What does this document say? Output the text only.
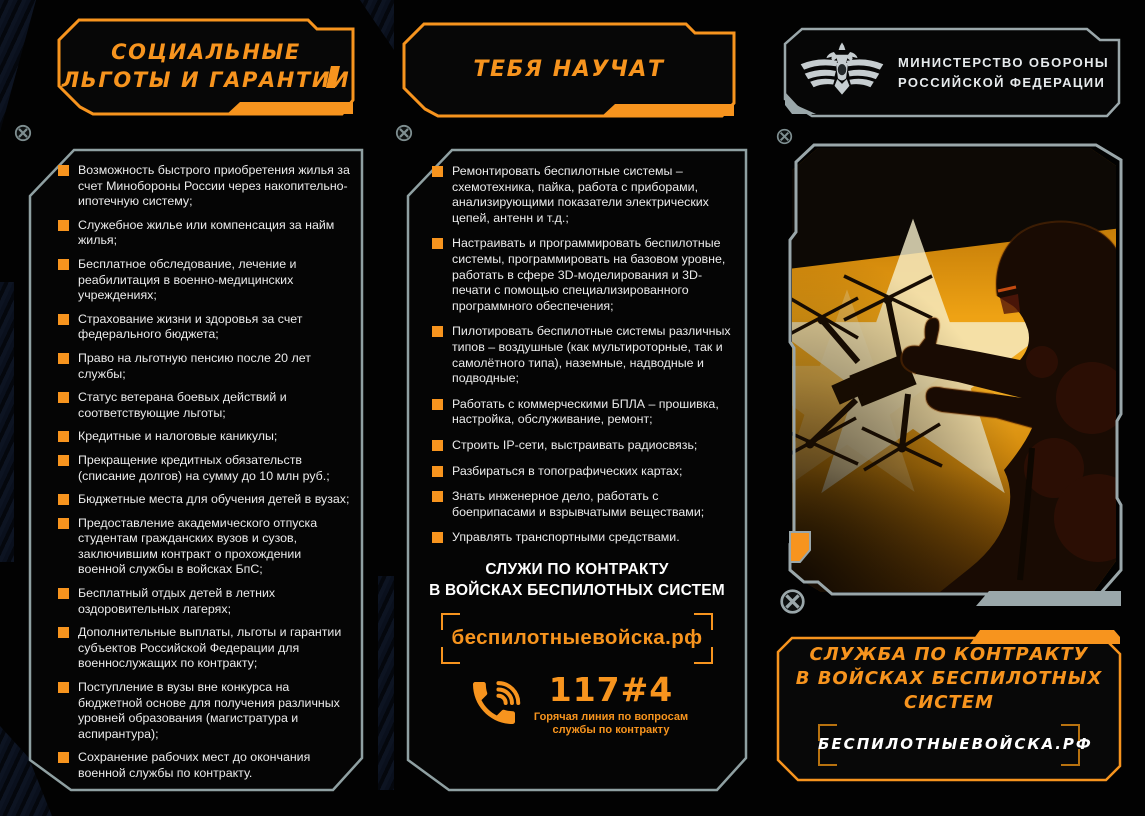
СОЦИАЛЬНЫЕ
ЛЬГОТЫ И ГАРАНТИИ
Возможность быстрого приобретения жилья за счет Минобороны России через накопительно-ипотечную систему;
Служебное жилье или компенсация за найм жилья;
Бесплатное обследование, лечение и реабилитация в военно-медицинских учреждениях;
Страхование жизни и здоровья за счет федерального бюджета;
Право на льготную пенсию после 20 лет службы;
Статус ветерана боевых действий и соответствующие льготы;
Кредитные и налоговые каникулы;
Прекращение кредитных обязательств (списание долгов) на сумму до 10 млн руб.;
Бюджетные места для обучения детей в вузах;
Предоставление академического отпуска студентам гражданских вузов и сузов, заключившим контракт о прохождении военной службы в войсках БпС;
Бесплатный отдых детей в летних оздоровительных лагерях;
Дополнительные выплаты, льготы и гарантии субъектов Российской Федерации для военнослужащих по контракту;
Поступление в вузы вне конкурса на бюджетной основе для получения различных уровней образования (магистратура и аспирантура);
Сохранение рабочих мест до окончания военной службы по контракту.
ТЕБЯ НАУЧАТ
Ремонтировать беспилотные системы – схемотехника, пайка, работа с приборами, анализирующими показатели электрических цепей, антенн и т.д.;
Настраивать и программировать беспилотные системы, программировать на базовом уровне, работать в сфере 3D-моделирования и 3D-печати с помощью специализированного программного обеспечения;
Пилотировать беспилотные системы различных типов – воздушные (как мультироторные, так и самолётного типа), наземные, надводные и подводные;
Работать с коммерческими БПЛА – прошивка, настройка, обслуживание, ремонт;
Строить IP-сети, выстраивать радиосвязь;
Разбираться в топографических картах;
Знать инженерное дело, работать с боеприпасами и взрывчатыми веществами;
Управлять транспортными средствами.
СЛУЖИ ПО КОНТРАКТУ
В ВОЙСКАХ БЕСПИЛОТНЫХ СИСТЕМ
беспилотныевойска.рф
117#4
Горячая линия по вопросам
службы по контракту
МИНИСТЕРСТВО ОБОРОНЫ
РОССИЙСКОЙ ФЕДЕРАЦИИ
СЛУЖБА ПО КОНТРАКТУ
В ВОЙСКАХ БЕСПИЛОТНЫХ
СИСТЕМ
БЕСПИЛОТНЫЕВОЙСКА.РФ
